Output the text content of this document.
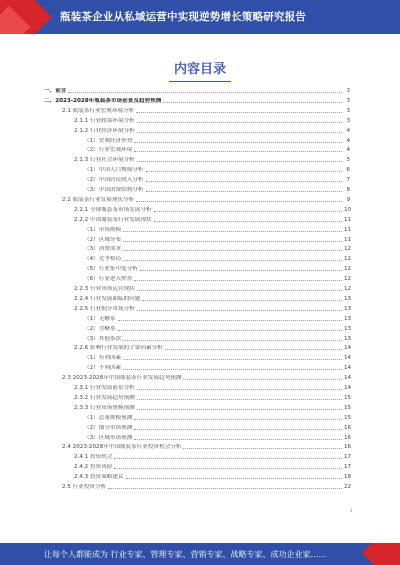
瓶装茶企业从私域运营中实现逆势增长策略研究报告
内容目录
一、前言	3
二、2023-2028年瓶装茶市场前景及趋势预测	3
2.1 瓶装茶行业宏观环境分析	3
2.1.1 行业政策环境分析	3
2.1.2 行业经济环境分析	4
（1）宏观经济形势	4
（2）行业宏观环境	4
2.1.3 行业社会环境分析	5
（1）中国人口规模分析	6
（2）中国居民收入分析	7
（3）中国消费结构分析	8
2.2 瓶装茶行业发展现状分析	9
2.2.1 全球瓶装茶市场发展分析	10
2.2.2 中国瓶装茶行业发展现状	11
（1）市场规模	11
（2）区域分布	11
（3）消费需求	12
（4）竞争格局	12
（5）行业集中度分析	12
（6）行业进入壁垒	12
2.2.3 行业市场运营现状	12
2.2.4 行业发展面临的问题	13
2.2.5 行业细分市场分析	13
（1）无糖茶	13
（2）含糖茶	13
（3）其他茶饮	13
2.2.6 影响行业发展的主要因素分析	14
（1）有利因素	14
（2）不利因素	14
2.3 2023-2028年中国瓶装茶行业发展趋势预测	14
2.3.1 行业发展前景分析	14
2.3.2 行业发展趋势预测	15
2.3.3 行业市场规模预测	15
（1）总量规模预测	15
（2）细分市场预测	16
（3）区域市场预测	16
2.4 2023-2028年中国瓶装茶行业投资机会分析	16
2.4.1 投资机会	17
2.4.2 投资风险	17
2.4.3 投资策略建议	18
2.5 行业投资分析	22
1
让每个人都能成为 行业专家、管理专家、营销专家、战略专家、成功企业家……
